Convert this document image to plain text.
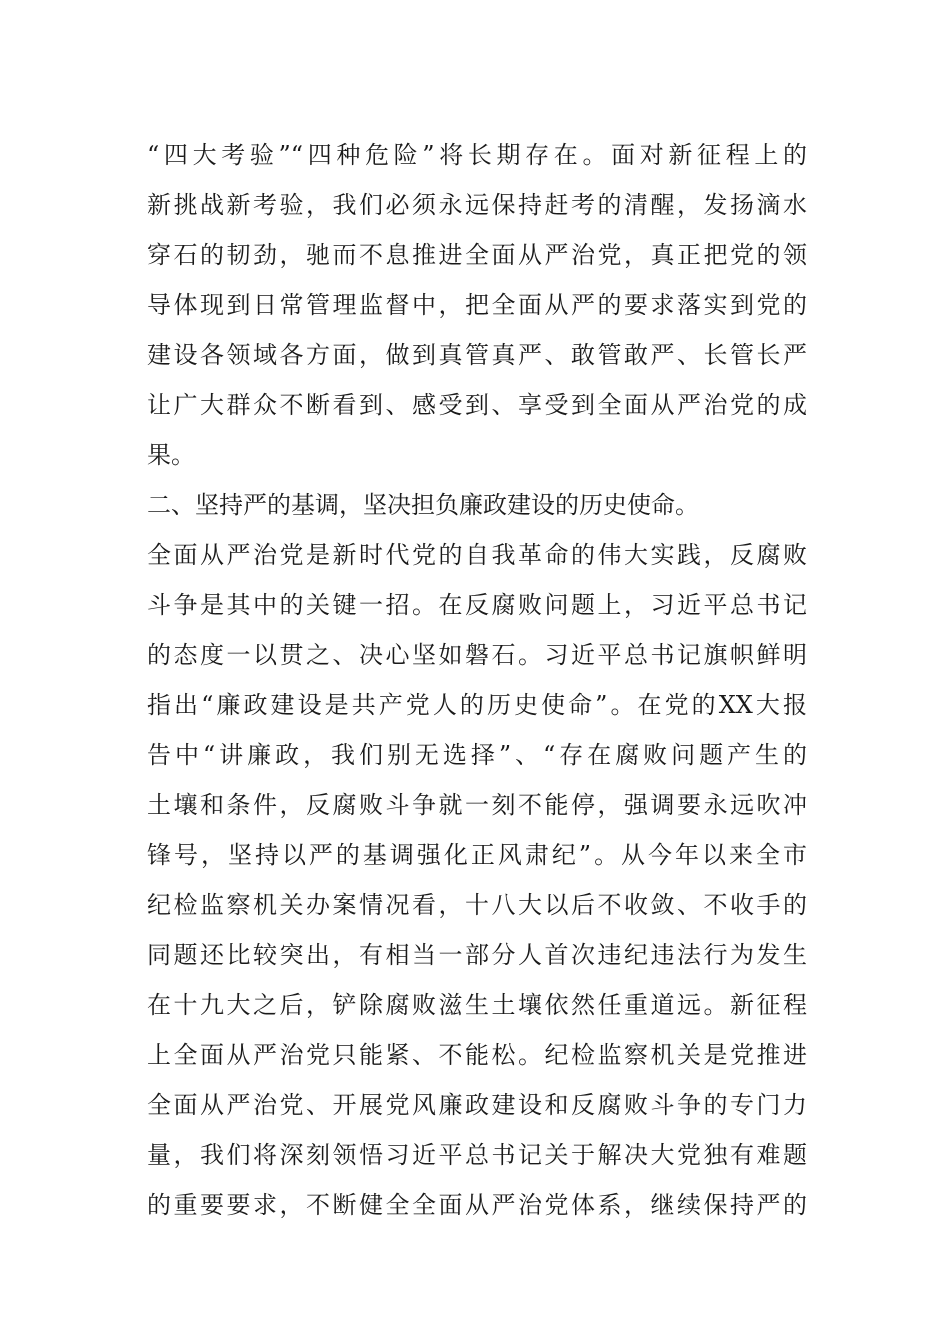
“四大考验”“四种危险”将长期存在。面对新征程上的
新挑战新考验，我们必须永远保持赶考的清醒，发扬滴水
穿石的韧劲，驰而不息推进全面从严治党，真正把党的领
导体现到日常管理监督中，把全面从严的要求落实到党的
建设各领域各方面，做到真管真严、敢管敢严、长管长严
让广大群众不断看到、感受到、享受到全面从严治党的成
果。
二、坚持严的基调，坚决担负廉政建设的历史使命。
全面从严治党是新时代党的自我革命的伟大实践，反腐败
斗争是其中的关键一招。在反腐败问题上，习近平总书记
的态度一以贯之、决心坚如磐石。习近平总书记旗帜鲜明
指出“廉政建设是共产党人的历史使命”。在党的XX大报
告中“讲廉政，我们别无选择”、“存在腐败问题产生的
土壤和条件，反腐败斗争就一刻不能停，强调要永远吹冲
锋号，坚持以严的基调强化正风肃纪”。从今年以来全市
纪检监察机关办案情况看，十八大以后不收敛、不收手的
同题还比较突出，有相当一部分人首次违纪违法行为发生
在十九大之后，铲除腐败滋生土壤依然任重道远。新征程
上全面从严治党只能紧、不能松。纪检监察机关是党推进
全面从严治党、开展党风廉政建设和反腐败斗争的专门力
量，我们将深刻领悟习近平总书记关于解决大党独有难题
的重要要求，不断健全全面从严治党体系，继续保持严的
